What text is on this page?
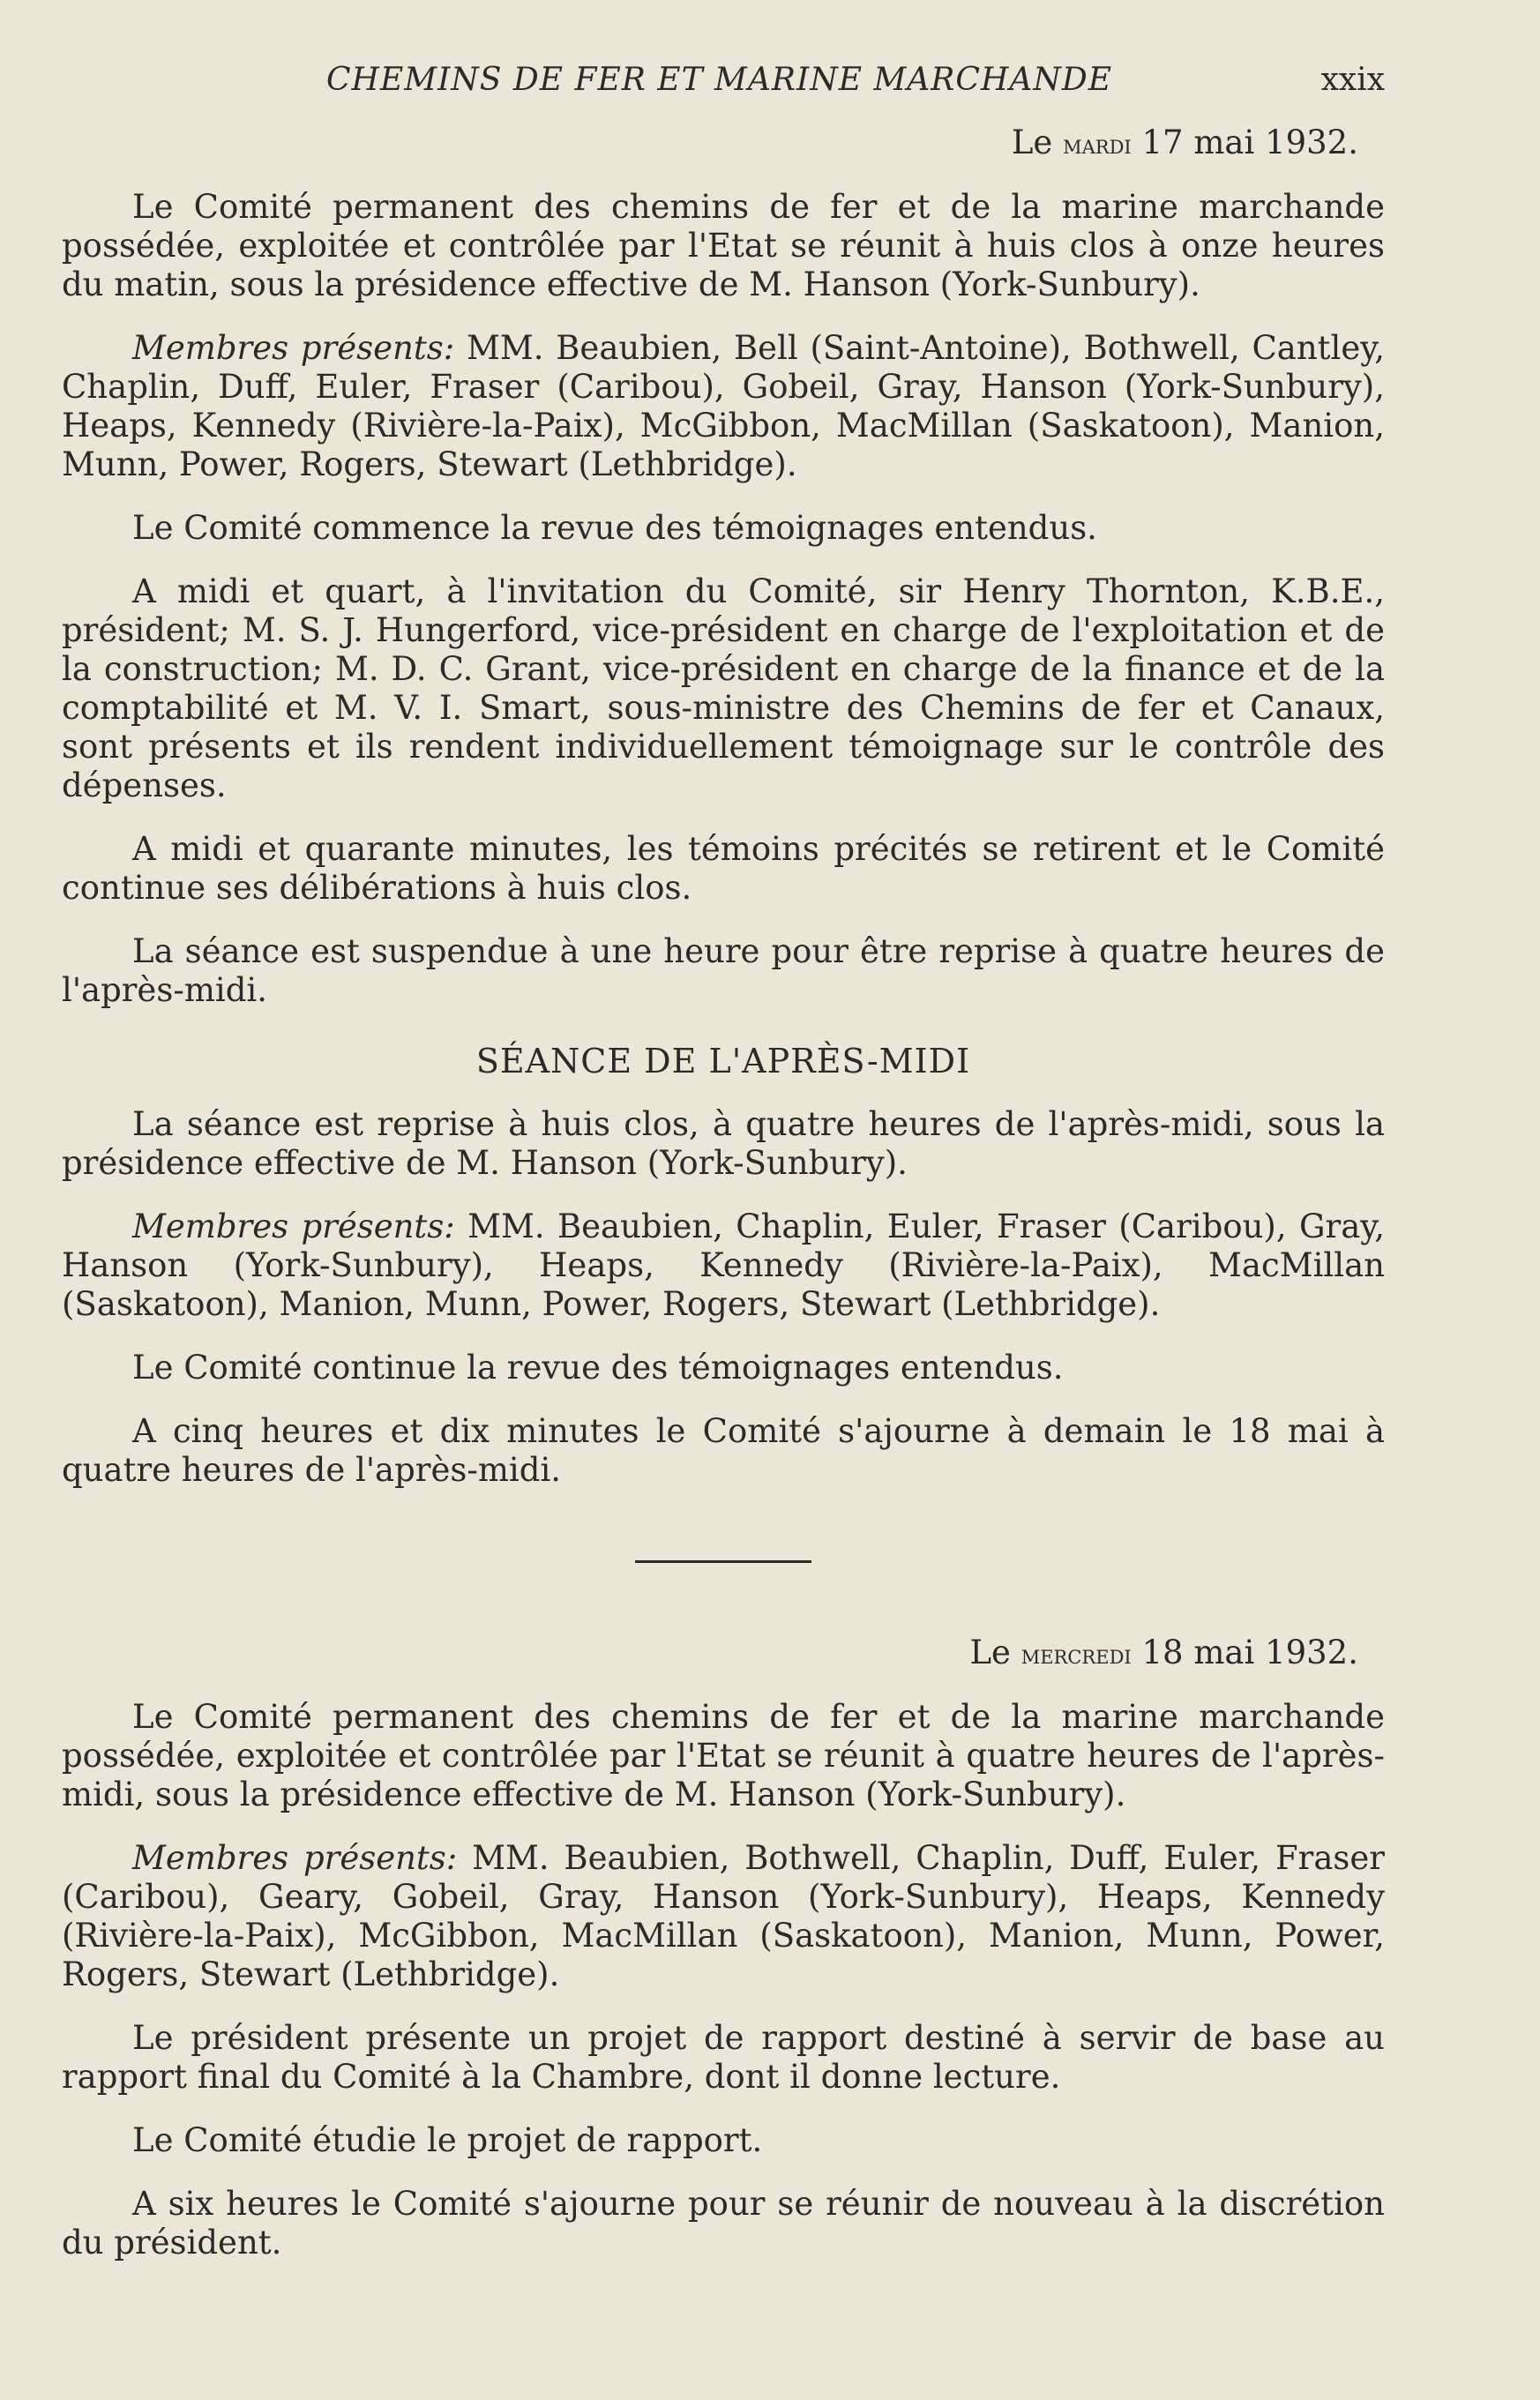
CHEMINS DE FER ET MARINE MARCHANDE	xxix
Le mardi 17 mai 1932.

Le Comité permanent des chemins de fer et de la marine marchande possédée, exploitée et contrôlée par l'Etat se réunit à huis clos à onze heures du matin, sous la présidence effective de M. Hanson (York-Sunbury).

Membres présents: MM. Beaubien, Bell (Saint-Antoine), Bothwell, Cantley, Chaplin, Duff, Euler, Fraser (Caribou), Gobeil, Gray, Hanson (York-Sunbury), Heaps, Kennedy (Rivière-la-Paix), McGibbon, MacMillan (Saskatoon), Manion, Munn, Power, Rogers, Stewart (Lethbridge).

Le Comité commence la revue des témoignages entendus.

A midi et quart, à l'invitation du Comité, sir Henry Thornton, K.B.E., président; M. S. J. Hungerford, vice-président en charge de l'exploitation et de la construction; M. D. C. Grant, vice-président en charge de la finance et de la comptabilité et M. V. I. Smart, sous-ministre des Chemins de fer et Canaux, sont présents et ils rendent individuellement témoignage sur le contrôle des dépenses.

A midi et quarante minutes, les témoins précités se retirent et le Comité continue ses délibérations à huis clos.

La séance est suspendue à une heure pour être reprise à quatre heures de l'après-midi.

SÉANCE DE L'APRÈS-MIDI

La séance est reprise à huis clos, à quatre heures de l'après-midi, sous la présidence effective de M. Hanson (York-Sunbury).

Membres présents: MM. Beaubien, Chaplin, Euler, Fraser (Caribou), Gray, Hanson (York-Sunbury), Heaps, Kennedy (Rivière-la-Paix), MacMillan (Saskatoon), Manion, Munn, Power, Rogers, Stewart (Lethbridge).

Le Comité continue la revue des témoignages entendus.

A cinq heures et dix minutes le Comité s'ajourne à demain le 18 mai à quatre heures de l'après-midi.

Le mercredi 18 mai 1932.

Le Comité permanent des chemins de fer et de la marine marchande possédée, exploitée et contrôlée par l'Etat se réunit à quatre heures de l'après-midi, sous la présidence effective de M. Hanson (York-Sunbury).

Membres présents: MM. Beaubien, Bothwell, Chaplin, Duff, Euler, Fraser (Caribou), Geary, Gobeil, Gray, Hanson (York-Sunbury), Heaps, Kennedy (Rivière-la-Paix), McGibbon, MacMillan (Saskatoon), Manion, Munn, Power, Rogers, Stewart (Lethbridge).

Le président présente un projet de rapport destiné à servir de base au rapport final du Comité à la Chambre, dont il donne lecture.

Le Comité étudie le projet de rapport.

A six heures le Comité s'ajourne pour se réunir de nouveau à la discrétion du président.
